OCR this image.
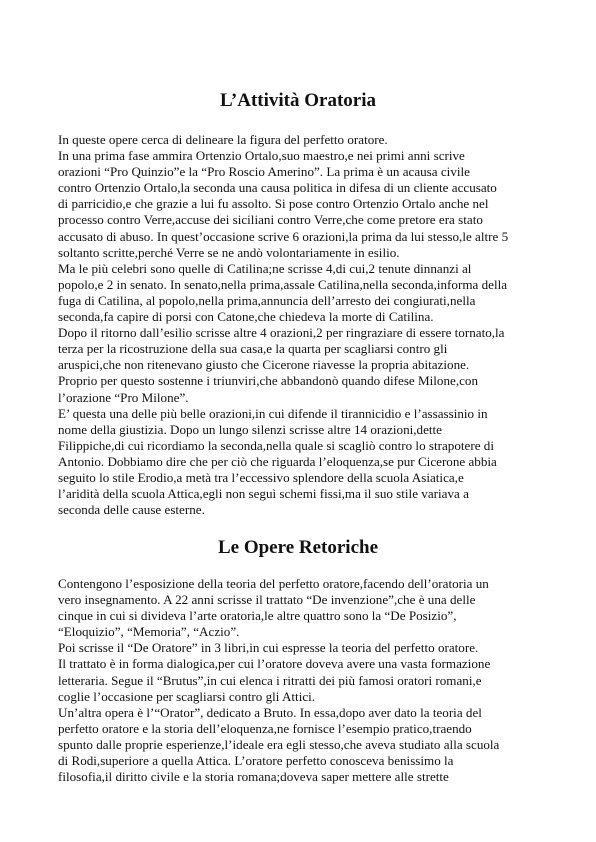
L’Attività Oratoria
In queste opere cerca di delineare la figura del perfetto oratore.
In una prima fase ammira Ortenzio Ortalo,suo maestro,e nei primi anni scrive
orazioni “Pro Quinzio”e la “Pro Roscio Amerino”. La prima è un acausa civile
contro Ortenzio Ortalo,la seconda una causa politica in difesa di un cliente accusato
di parricidio,e che grazie a lui fu assolto. Si pose contro Ortenzio Ortalo anche nel
processo contro Verre,accuse dei siciliani contro Verre,che come pretore era stato
accusato di abuso. In quest’occasione scrive 6 orazioni,la prima da lui stesso,le altre 5
soltanto scritte,perché Verre se ne andò volontariamente in esilio.
Ma le più celebri sono quelle di Catilina;ne scrisse 4,di cui,2 tenute dinnanzi al
popolo,e 2 in senato. In senato,nella prima,assale Catilina,nella seconda,informa della
fuga di Catilina, al popolo,nella prima,annuncia dell’arresto dei congiurati,nella
seconda,fa capire di porsi con Catone,che chiedeva la morte di Catilina.
Dopo il ritorno dall’esilio scrisse altre 4 orazioni,2 per ringraziare di essere tornato,la
terza per la ricostruzione della sua casa,e la quarta per scagliarsi contro gli
aruspici,che non ritenevano giusto che Cicerone riavesse la propria abitazione.
Proprio per questo sostenne i triunviri,che abbandonò quando difese Milone,con
l’orazione “Pro Milone”.
E’ questa una delle più belle orazioni,in cui difende il tirannicidio e l’assassinio in
nome della giustizia. Dopo un lungo silenzi scrisse altre 14 orazioni,dette
Filippiche,di cui ricordiamo la seconda,nella quale si scagliò contro lo strapotere di
Antonio. Dobbiamo dire che per ciò che riguarda l’eloquenza,se pur Cicerone abbia
seguito lo stile Erodio,a metà tra l’eccessivo splendore della scuola Asiatica,e
l’aridità della scuola Attica,egli non seguì schemi fissi,ma il suo stile variava a
seconda delle cause esterne.
Le Opere Retoriche
Contengono l’esposizione della teoria del perfetto oratore,facendo dell’oratoria un
vero insegnamento. A 22 anni scrisse il trattato “De invenzione”,che è una delle
cinque in cui si divideva l’arte oratoria,le altre quattro sono la “De Posizio”,
“Eloquizio”, “Memoria”, “Aczio”.
Poi scrisse il “De Oratore” in 3 libri,in cui espresse la teoria del perfetto oratore.
Il trattato è in forma dialogica,per cui l’oratore doveva avere una vasta formazione
letteraria. Segue il “Brutus”,in cui elenca i ritratti dei più famosi oratori romani,e
coglie l’occasione per scagliarsi contro gli Attici.
Un’altra opera è l’“Orator”, dedicato a Bruto. In essa,dopo aver dato la teoria del
perfetto oratore e la storia dell’eloquenza,ne fornisce l’esempio pratico,traendo
spunto dalle proprie esperienze,l’ideale era egli stesso,che aveva studiato alla scuola
di Rodi,superiore a quella Attica. L’oratore perfetto conosceva benissimo la
filosofia,il diritto civile e la storia romana;doveva saper mettere alle strette
